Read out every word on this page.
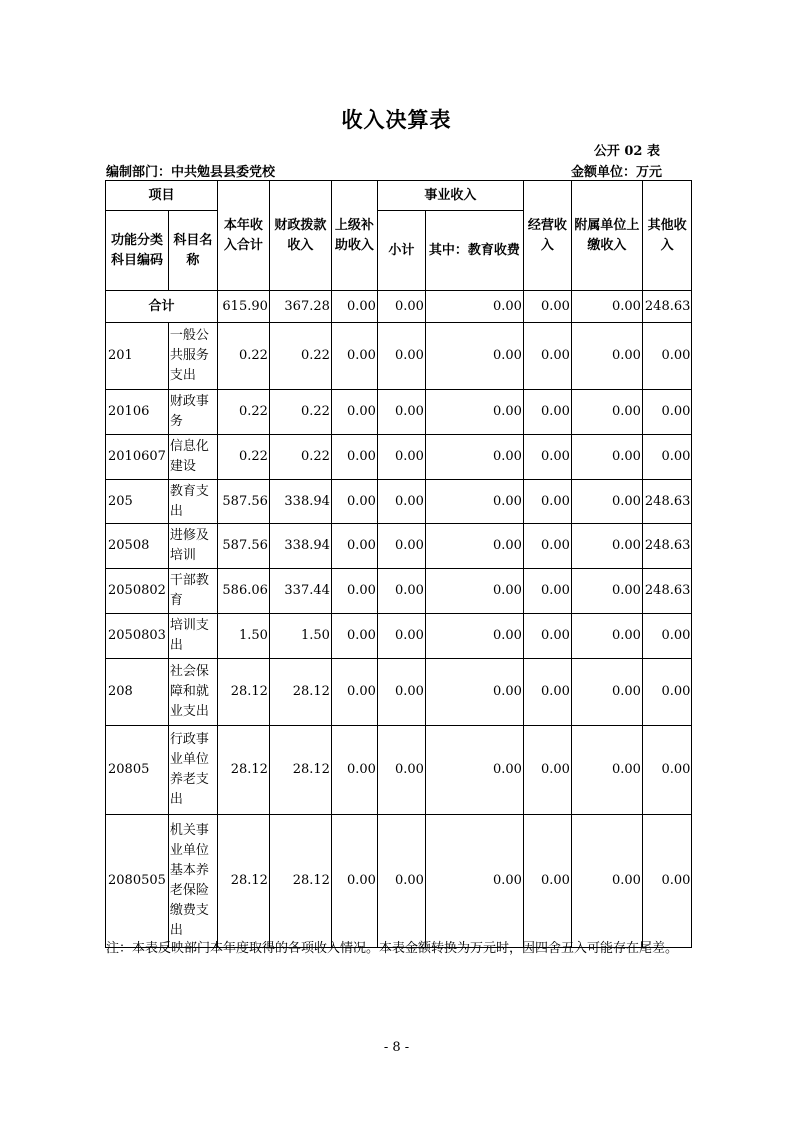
收入决算表
公开 02 表
编制部门：中共勉县县委党校	金额单位：万元
项目		本年收入合计	财政拨款收入	上级补助收入	事业收入		经营收入	附属单位上缴收入	其他收入
功能分类科目编码	科目名称				小计	其中：教育收费			

合计		615.90	367.28	0.00	0.00	0.00	0.00	0.00	248.63
201	一般公共服务支出	0.22	0.22	0.00	0.00	0.00	0.00	0.00	0.00
20106	财政事务	0.22	0.22	0.00	0.00	0.00	0.00	0.00	0.00
2010607	信息化建设	0.22	0.22	0.00	0.00	0.00	0.00	0.00	0.00
205	教育支出	587.56	338.94	0.00	0.00	0.00	0.00	0.00	248.63
20508	进修及培训	587.56	338.94	0.00	0.00	0.00	0.00	0.00	248.63
2050802	干部教育	586.06	337.44	0.00	0.00	0.00	0.00	0.00	248.63
2050803	培训支出	1.50	1.50	0.00	0.00	0.00	0.00	0.00	0.00
208	社会保障和就业支出	28.12	28.12	0.00	0.00	0.00	0.00	0.00	0.00
20805	行政事业单位养老支出	28.12	28.12	0.00	0.00	0.00	0.00	0.00	0.00
2080505	机关事业单位基本养老保险缴费支出	28.12	28.12	0.00	0.00	0.00	0.00	0.00	0.00
注：本表反映部门本年度取得的各项收入情况。本表金额转换为万元时，因四舍五入可能存在尾差。
- 8 -
